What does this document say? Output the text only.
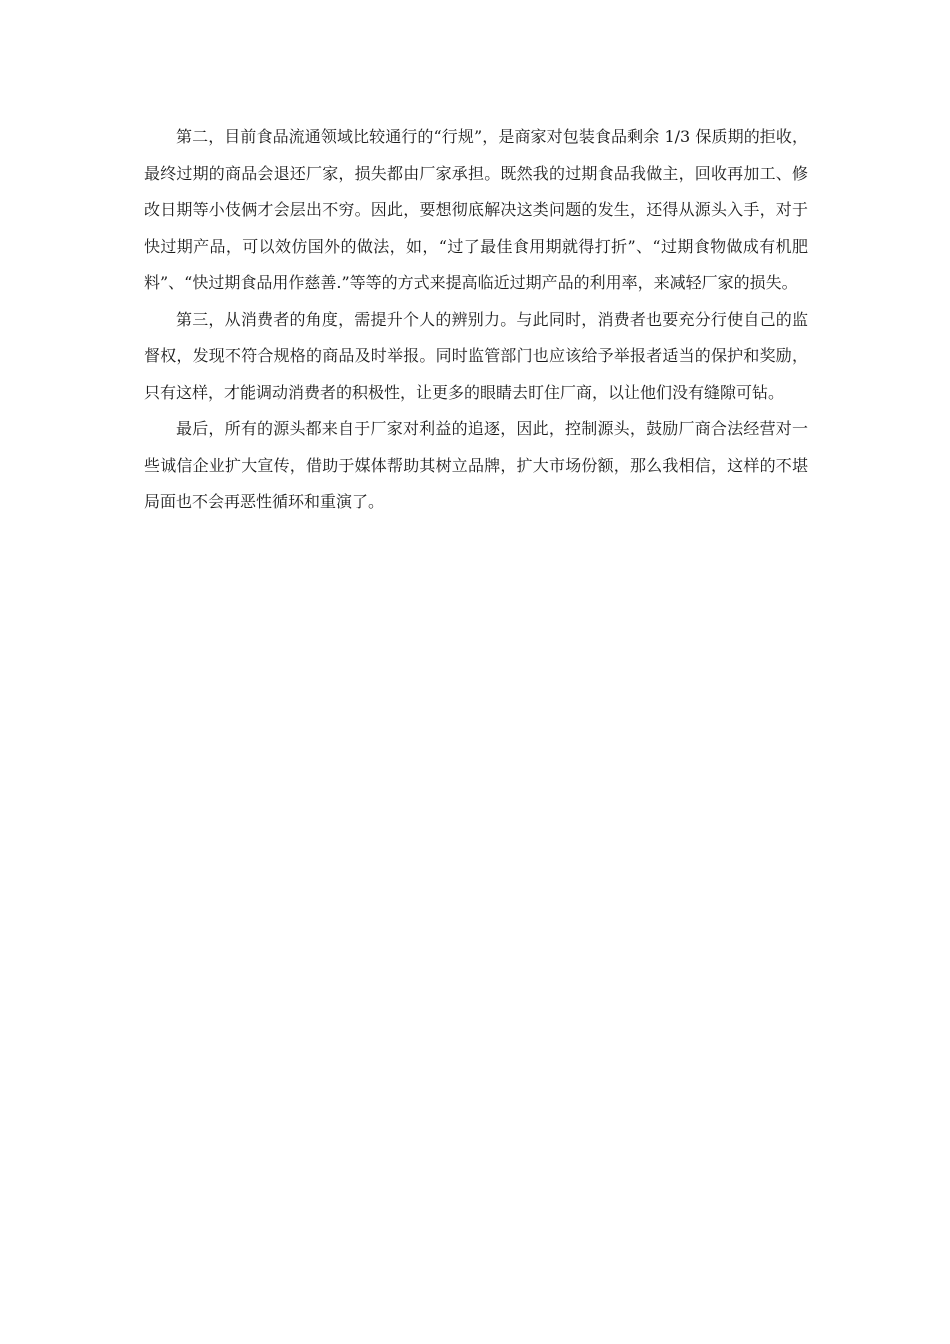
第二，目前食品流通领域比较通行的“行规”，是商家对包装食品剩余 1/3 保质期的拒收，最终过期的商品会退还厂家，损失都由厂家承担。既然我的过期食品我做主，回收再加工、修改日期等小伎俩才会层出不穷。因此，要想彻底解决这类问题的发生，还得从源头入手，对于快过期产品，可以效仿国外的做法，如，“过了最佳食用期就得打折”、“过期食物做成有机肥料”、“快过期食品用作慈善.”等等的方式来提高临近过期产品的利用率，来减轻厂家的损失。

第三，从消费者的角度，需提升个人的辨别力。与此同时，消费者也要充分行使自己的监督权，发现不符合规格的商品及时举报。同时监管部门也应该给予举报者适当的保护和奖励，只有这样，才能调动消费者的积极性，让更多的眼睛去盯住厂商，以让他们没有缝隙可钻。

最后，所有的源头都来自于厂家对利益的追逐，因此，控制源头，鼓励厂商合法经营对一些诚信企业扩大宣传，借助于媒体帮助其树立品牌，扩大市场份额，那么我相信，这样的不堪局面也不会再恶性循环和重演了。
